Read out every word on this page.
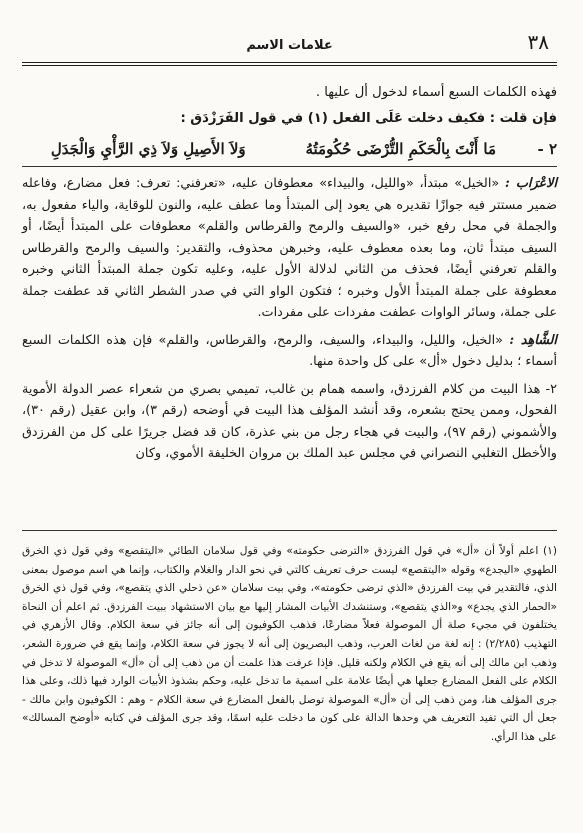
٣٨
علامات الاسم

فهذه الكلمات السبع أسماء لدخول أل عليها .

فإن قلت : فكيف دخلت عَلَى الفعل (١) في قول الفَرَزْدَق :

٢ -
مَا أَنْتَ بِالْحَكَمِ التُّرْضَى حُكُومَتُهُ
وَلاَ الأَصِيلِ وَلاَ ذِي الرَّأْيِ وَالْجَدَلِ

الاعْرَاب : «الخيل» مبتدأ، «والليل، والبيداء» معطوفان عليه، «تعرفني: تعرف: فعل مضارع، وفاعله ضمير مستتر فيه جوازًا تقديره هي يعود إلى المبتدأ وما عطف عليه، والنون للوقاية، والياء مفعول به، والجملة في محل رفع خبر، «والسيف والرمح والقرطاس والقلم» معطوفات على المبتدأ أيضًا، أو السيف مبتدأ ثان، وما بعده معطوف عليه، وخبرهن محذوف، والتقدير: والسيف والرمح والقرطاس والقلم تعرفني أيضًا، فحذف من الثاني لدلالة الأول عليه، وعليه تكون جملة المبتدأ الثاني وخبره معطوفة على جملة المبتدأ الأول وخبره ؛ فتكون الواو التي في صدر الشطر الثاني قد عطفت جملة على جملة، وسائر الواوات عطفت مفردات على مفردات.

الشَّاهِد : «الخيل، والليل، والبيداء، والسيف، والرمح، والقرطاس، والقلم» فإن هذه الكلمات السبع أسماء ؛ بدليل دخول «أل» على كل واحدة منها.

٢- هذا البيت من كلام الفرزدق، واسمه همام بن غالب، تميمي بصري من شعراء عصر الدولة الأموية الفحول، وممن يحتج بشعره، وقد أنشد المؤلف هذا البيت في أوضحه (رقم ٣)، وابن عقيل (رقم ٣٠)، والأشموني (رقم ٩٧)، والبيت في هجاء رجل من بني عذرة، كان قد فضل جريرًا على كل من الفرزدق والأخطل التغلبي النصراني في مجلس عبد الملك بن مروان الخليفة الأموي، وكان

(١) اعلم أولاً أن «أل» في قول الفرزدق «الترضى حكومته» وفي قول سلامان الطائي «اليتقصع» وفي قول ذي الخرق الطهوي «اليجدع» وقوله «اليتقصع» ليست حرف تعريف كالتي في نحو الدار والغلام والكتاب، وإنما هي اسم موصول بمعنى الذي، فالتقدير في بيت الفرزدق «الذي ترضى حكومته»، وفي بيت سلامان «عن ذحلي الذي يتقصع»، وفي قول ذي الخرق «الحمار الذي يجدع» و«الذي يتقصع»، وستنشدك الأبيات المشار إليها مع بيان الاستشهاد ببيت الفرزدق. ثم اعلم أن النحاة يختلفون في مجيء صلة أل الموصولة فعلاً مضارعًا، فذهب الكوفيون إلى أنه جائز في سعة الكلام. وقال الأزهري في التهذيب (٢/٢٨٥) : إنه لغة من لغات العرب، وذهب البصريون إلى أنه لا يجوز في سعة الكلام، وإنما يقع في ضرورة الشعر، وذهب ابن مالك إلى أنه يقع في الكلام ولكنه قليل. فإذا عرفت هذا علمت أن من ذهب إلى أن «أل» الموصولة لا تدخل في الكلام على الفعل المضارع جعلها هي أيضًا علامة على اسمية ما تدخل عليه، وحكم بشذوذ الأبيات الوارد فيها ذلك، وعلى هذا جرى المؤلف هنا، ومن ذهب إلى أن «أل» الموصولة توصل بالفعل المضارع في سعة الكلام - وهم : الكوفيون وابن مالك - جعل أل التي تفيد التعريف هي وحدها الدالة على كون ما دخلت عليه اسمًا، وقد جرى المؤلف في كتابه «أوضح المسالك» على هذا الرأي.
